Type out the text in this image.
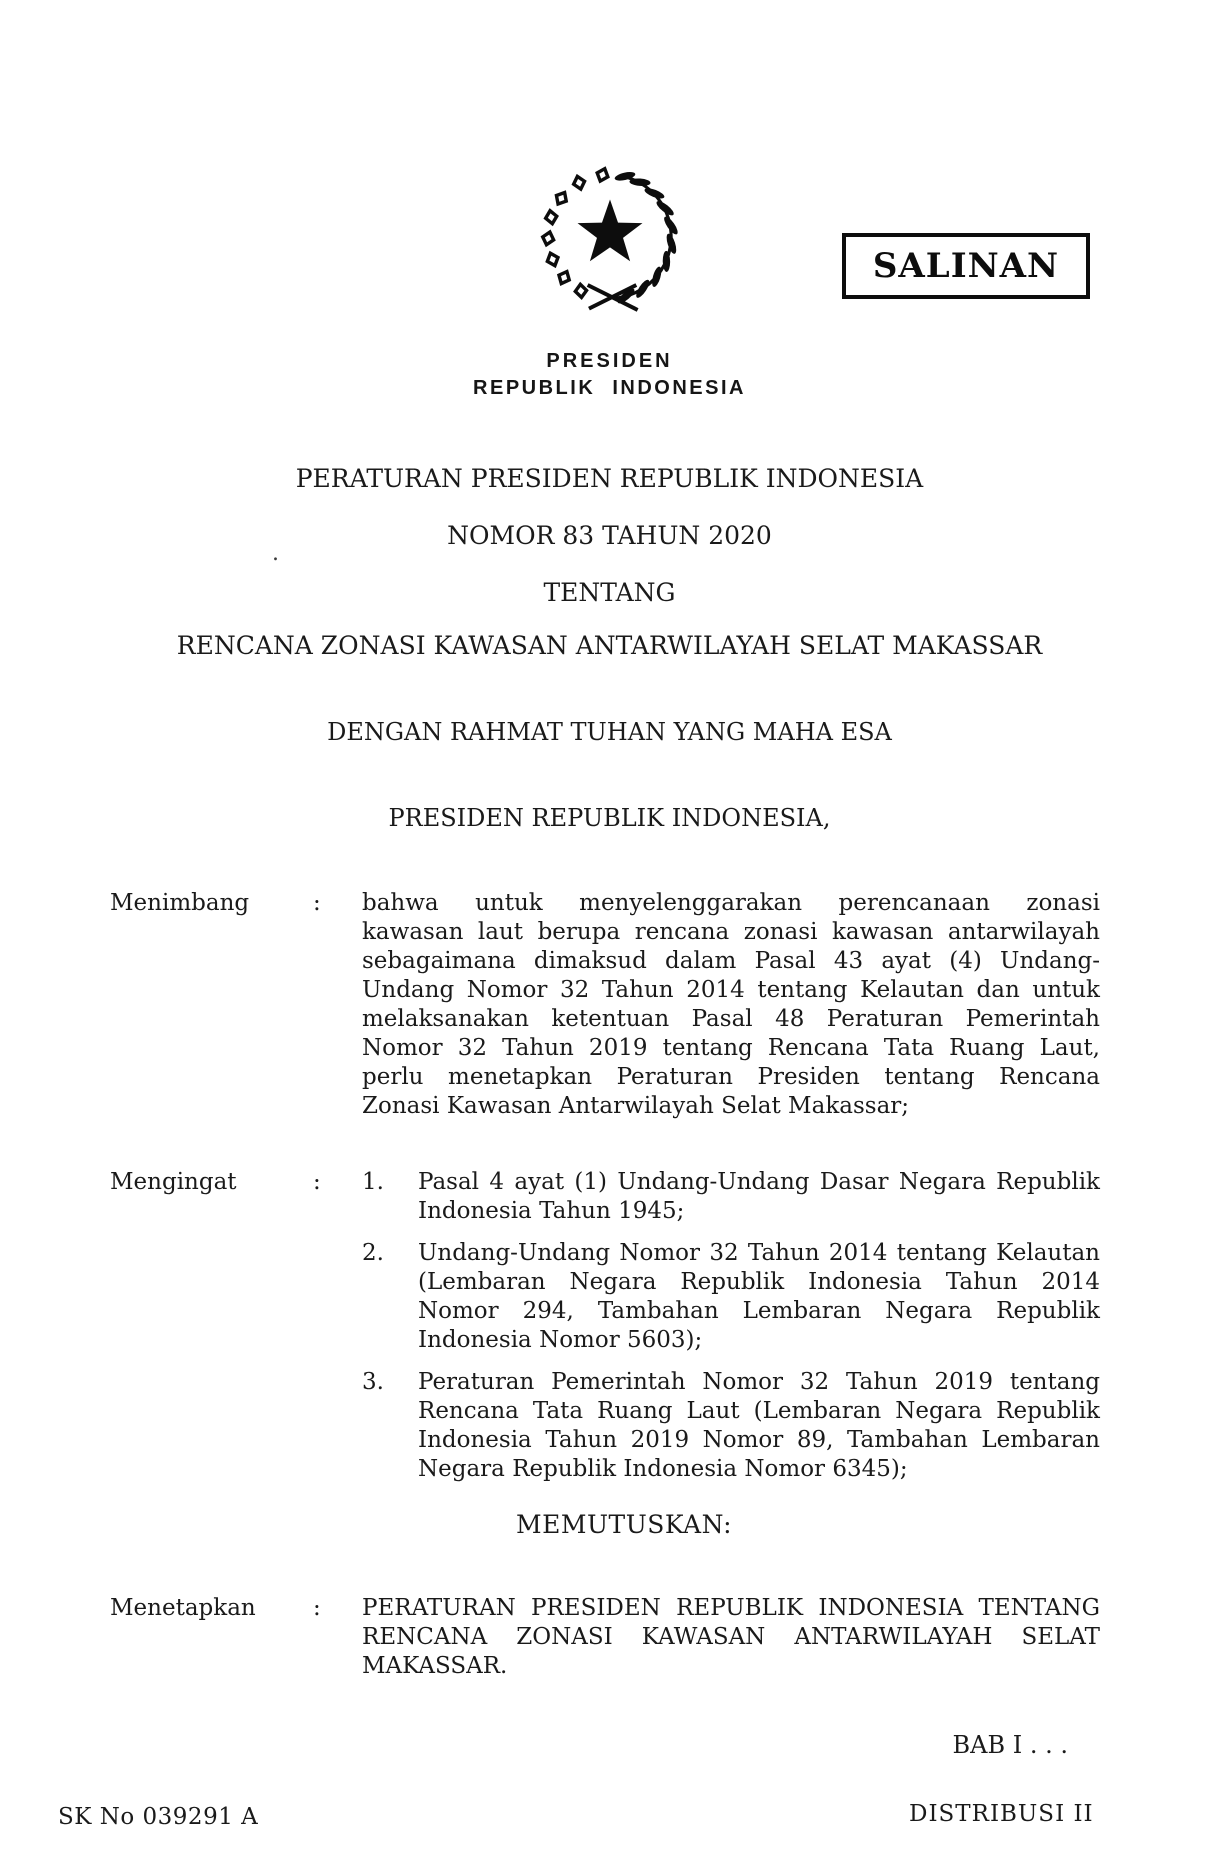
PRESIDEN
REPUBLIK INDONESIA
SALINAN
PERATURAN PRESIDEN REPUBLIK INDONESIA
NOMOR 83 TAHUN 2020
.
TENTANG
RENCANA ZONASI KAWASAN ANTARWILAYAH SELAT MAKASSAR
DENGAN RAHMAT TUHAN YANG MAHA ESA
PRESIDEN REPUBLIK INDONESIA,
Menimbang	:	bahwa untuk menyelenggarakan perencanaan zonasi
kawasan laut berupa rencana zonasi kawasan antarwilayah
sebagaimana dimaksud dalam Pasal 43 ayat (4) Undang-
Undang Nomor 32 Tahun 2014 tentang Kelautan dan untuk
melaksanakan ketentuan Pasal 48 Peraturan Pemerintah
Nomor 32 Tahun 2019 tentang Rencana Tata Ruang Laut,
perlu menetapkan Peraturan Presiden tentang Rencana
Zonasi Kawasan Antarwilayah Selat Makassar;
Mengingat	:	1.	Pasal 4 ayat (1) Undang-Undang Dasar Negara Republik
Indonesia Tahun 1945;
2.	Undang-Undang Nomor 32 Tahun 2014 tentang Kelautan
(Lembaran Negara Republik Indonesia Tahun 2014
Nomor 294, Tambahan Lembaran Negara Republik
Indonesia Nomor 5603);
3.	Peraturan Pemerintah Nomor 32 Tahun 2019 tentang
Rencana Tata Ruang Laut (Lembaran Negara Republik
Indonesia Tahun 2019 Nomor 89, Tambahan Lembaran
Negara Republik Indonesia Nomor 6345);
MEMUTUSKAN:
Menetapkan	:	PERATURAN PRESIDEN REPUBLIK INDONESIA TENTANG
RENCANA ZONASI KAWASAN ANTARWILAYAH SELAT
MAKASSAR.
BAB I . . .
SK No 039291 A	DISTRIBUSI II
